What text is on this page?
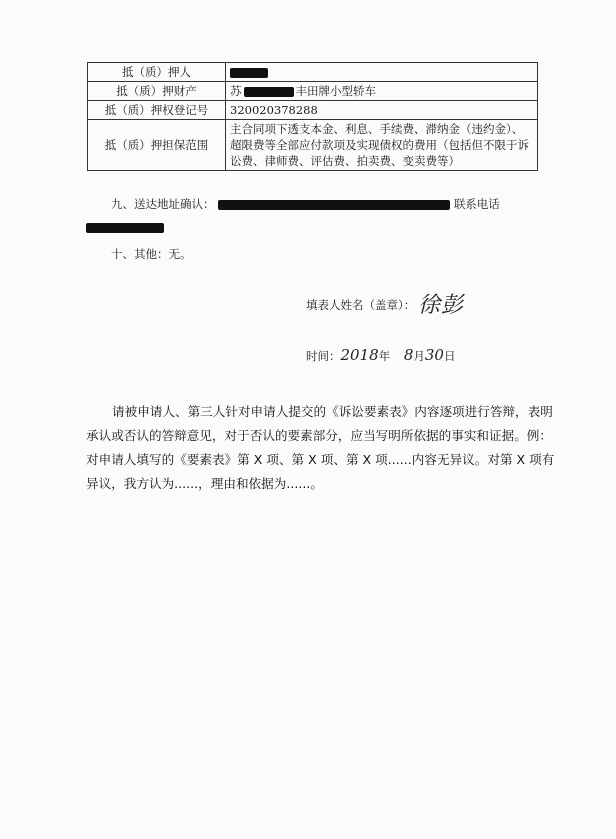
抵（质）押人	
抵（质）押财产	苏 丰田牌小型轿车
抵（质）押权登记号	320020378288
抵（质）押担保范围	主合同项下透支本金、利息、手续费、滞纳金（违约金）、超限费等全部应付款项及实现债权的费用（包括但不限于诉讼费、律师费、评估费、拍卖费、变卖费等）
九、送达地址确认：	联系电话
十、其他：无。
填表人姓名（盖章）： 徐彭
时间：2018年 8月30日
请被申请人、第三人针对申请人提交的《诉讼要素表》内容逐项进行答辩，表明承认或否认的答辩意见，对于否认的要素部分，应当写明所依据的事实和证据。例：对申请人填写的《要素表》第 X 项、第 X 项、第 X 项......内容无异议。对第 X 项有异议，我方认为......，理由和依据为......。
